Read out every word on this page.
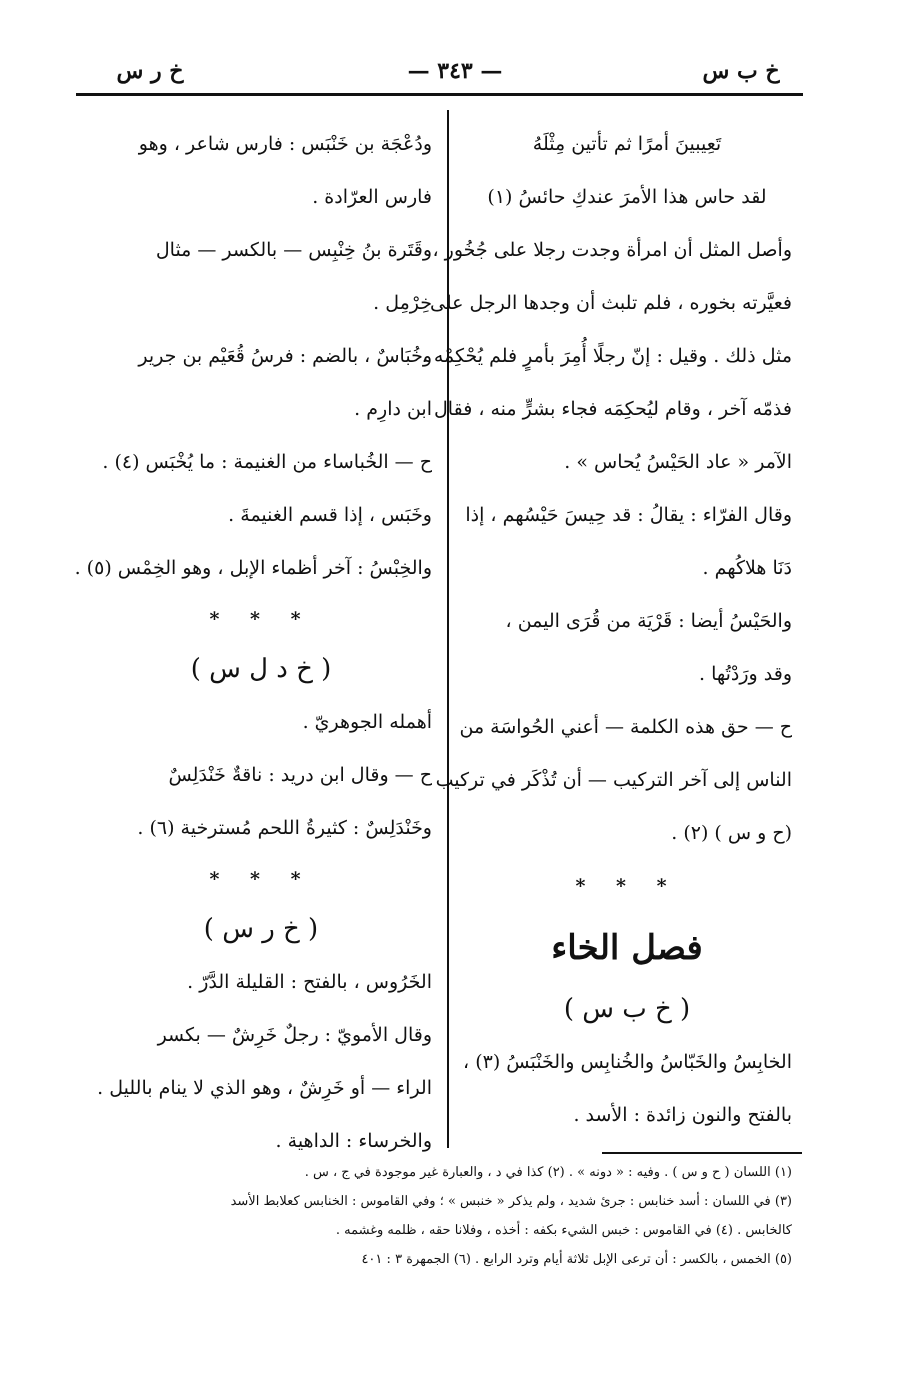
خ ب س
— ٣٤٣ —
خ ر س
تَعِيبينَ أمرًا ثم تأتين مِثْلَهُ
لقد حاس هذا الأمرَ عندكِ حائسُ (١)
وأصل المثل أن امرأة وجدت رجلا على جُخُور ،
فعيَّرته بخوره ، فلم تلبث أن وجدها الرجل على
مثل ذلك . وقيل : إنّ رجلًا أُمِرَ بأمرٍ فلم يُحْكِمْه ،
فذمّه آخر ، وقام ليُحكِمَه فجاء بشرٍّ منه ، فقال
الآمر « عاد الحَيْسُ يُحاس » .
وقال الفرّاء : يقالُ : قد حِيسَ حَيْسُهم ، إذا
دَنَا هلاكُهم .
والحَيْسُ أيضا : قَرْيَة من قُرَى اليمن ،
وقد ورَدْتُها .
ح — حق هذه الكلمة — أعني الحُواسَة من
الناس إلى آخر التركيب — أن تُذْكَر في تركيب
(ح و س ) (٢) .
* * *
فصل الخاء
( خ ب س )
الخابِسُ والخَبّاسُ والخُنابِس والخَنْبَسُ (٣) ،
بالفتح والنون زائدة : الأسد .
ودُعْجَة بن خَنْبَس : فارس شاعر ، وهو
فارس العرّادة .
وقَتَرة بنُ خِنْبِس — بالكسر — مثال
خِرْمِل .
وخُبَاسٌ ، بالضم : فرسُ قُعَيْم بن جرير
ابن دارِم .
ح — الخُباساء من الغنيمة : ما يُخْبَس (٤) .
وخَبَس ، إذا قسم الغنيمةَ .
والخِبْسُ : آخر أظماء الإبل ، وهو الخِمْس (٥) .
* * *
( خ د ل س )
أهمله الجوهريّ .
ح — وقال ابن دريد : ناقةٌ خَنْدَلِسٌ
وخَنْدَلِسٌ : كثيرةُ اللحم مُسترخية (٦) .
* * *
( خ ر س )
الخَرُوس ، بالفتح : القليلة الدَّرّ .
وقال الأمويّ : رجلٌ خَرِشٌ — بكسر
الراء — أو خَرِشٌ ، وهو الذي لا ينام بالليل .
والخرساء : الداهية .
(١) اللسان ( ح و س ) . وفيه : « دونه » . (٢) كذا في د ، والعبارة غير موجودة في ج ، س .
(٣) في اللسان : أسد خنابس : جرئ شديد ، ولم يذكر « خنبس » ؛ وفي القاموس : الخنابس كعلابط الأسد
كالخابس . (٤) في القاموس : خبس الشيء بكفه : أخذه ، وفلانا حقه ، ظلمه وغشمه .
(٥) الخمس ، بالكسر : أن ترعى الإبل ثلاثة أيام وترد الرابع . (٦) الجمهرة ٣ : ٤٠١
